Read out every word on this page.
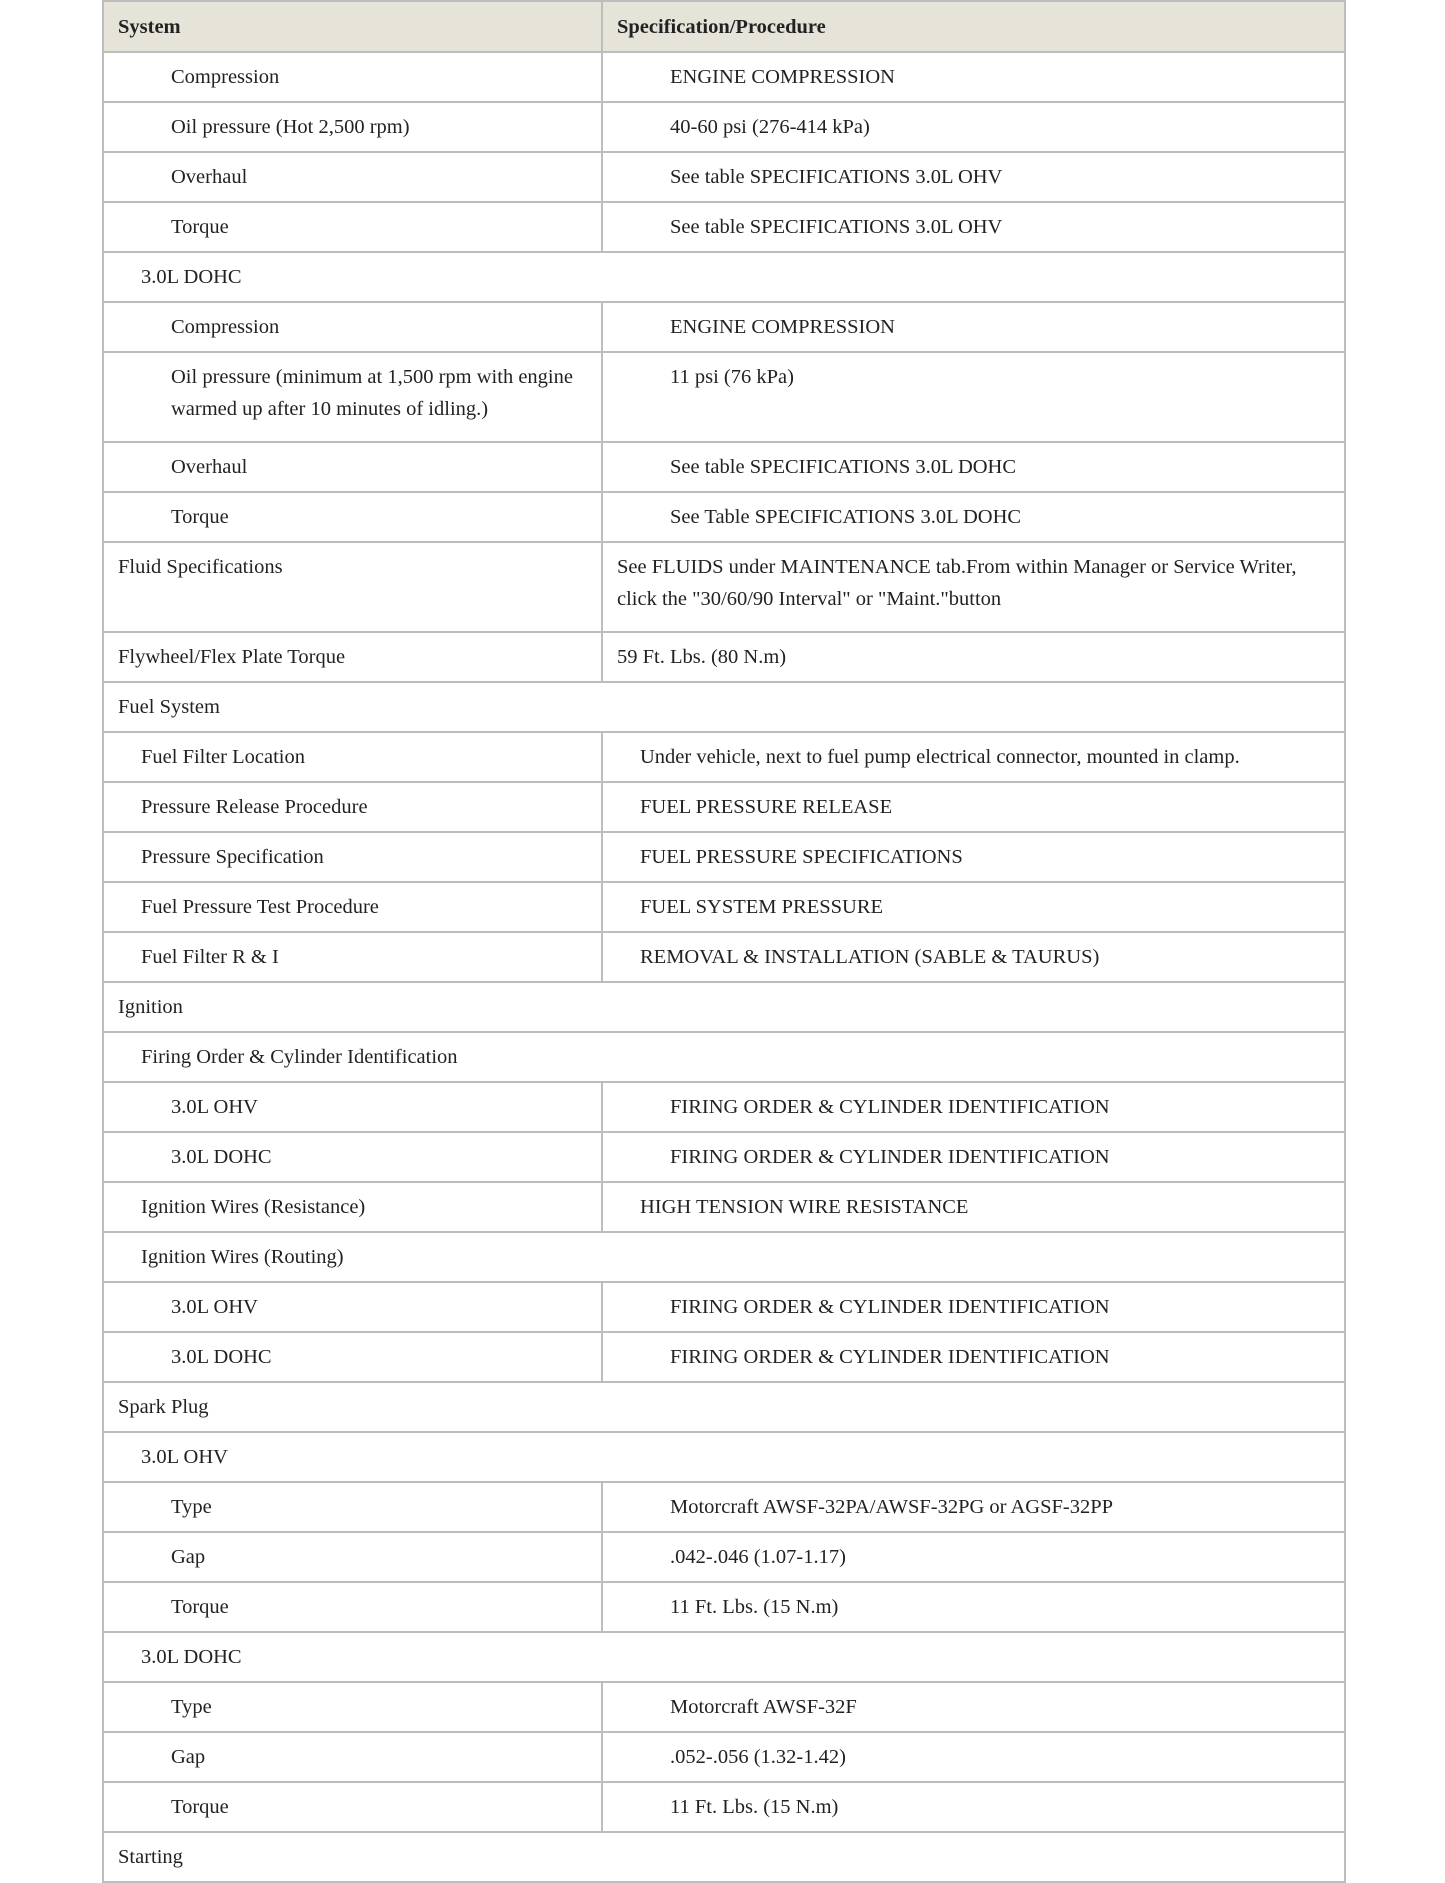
System	Specification/Procedure
Compression	ENGINE COMPRESSION
Oil pressure (Hot 2,500 rpm)	40-60 psi (276-414 kPa)
Overhaul	See table SPECIFICATIONS 3.0L OHV
Torque	See table SPECIFICATIONS 3.0L OHV
3.0L DOHC	
Compression	ENGINE COMPRESSION
Oil pressure (minimum at 1,500 rpm with engine warmed up after 10 minutes of idling.)	11 psi (76 kPa)
Overhaul	See table SPECIFICATIONS 3.0L DOHC
Torque	See Table SPECIFICATIONS 3.0L DOHC
Fluid Specifications	See FLUIDS under MAINTENANCE tab.From within Manager or Service Writer, click the "30/60/90 Interval" or "Maint."button
Flywheel/Flex Plate Torque	59 Ft. Lbs. (80 N.m)
Fuel System	
Fuel Filter Location	Under vehicle, next to fuel pump electrical connector, mounted in clamp.
Pressure Release Procedure	FUEL PRESSURE RELEASE
Pressure Specification	FUEL PRESSURE SPECIFICATIONS
Fuel Pressure Test Procedure	FUEL SYSTEM PRESSURE
Fuel Filter R & I	REMOVAL & INSTALLATION (SABLE & TAURUS)
Ignition	
Firing Order & Cylinder Identification	
3.0L OHV	FIRING ORDER & CYLINDER IDENTIFICATION
3.0L DOHC	FIRING ORDER & CYLINDER IDENTIFICATION
Ignition Wires (Resistance)	HIGH TENSION WIRE RESISTANCE
Ignition Wires (Routing)	
3.0L OHV	FIRING ORDER & CYLINDER IDENTIFICATION
3.0L DOHC	FIRING ORDER & CYLINDER IDENTIFICATION
Spark Plug	
3.0L OHV	
Type	Motorcraft AWSF-32PA/AWSF-32PG or AGSF-32PP
Gap	.042-.046 (1.07-1.17)
Torque	11 Ft. Lbs. (15 N.m)
3.0L DOHC	
Type	Motorcraft AWSF-32F
Gap	.052-.056 (1.32-1.42)
Torque	11 Ft. Lbs. (15 N.m)
Starting	
